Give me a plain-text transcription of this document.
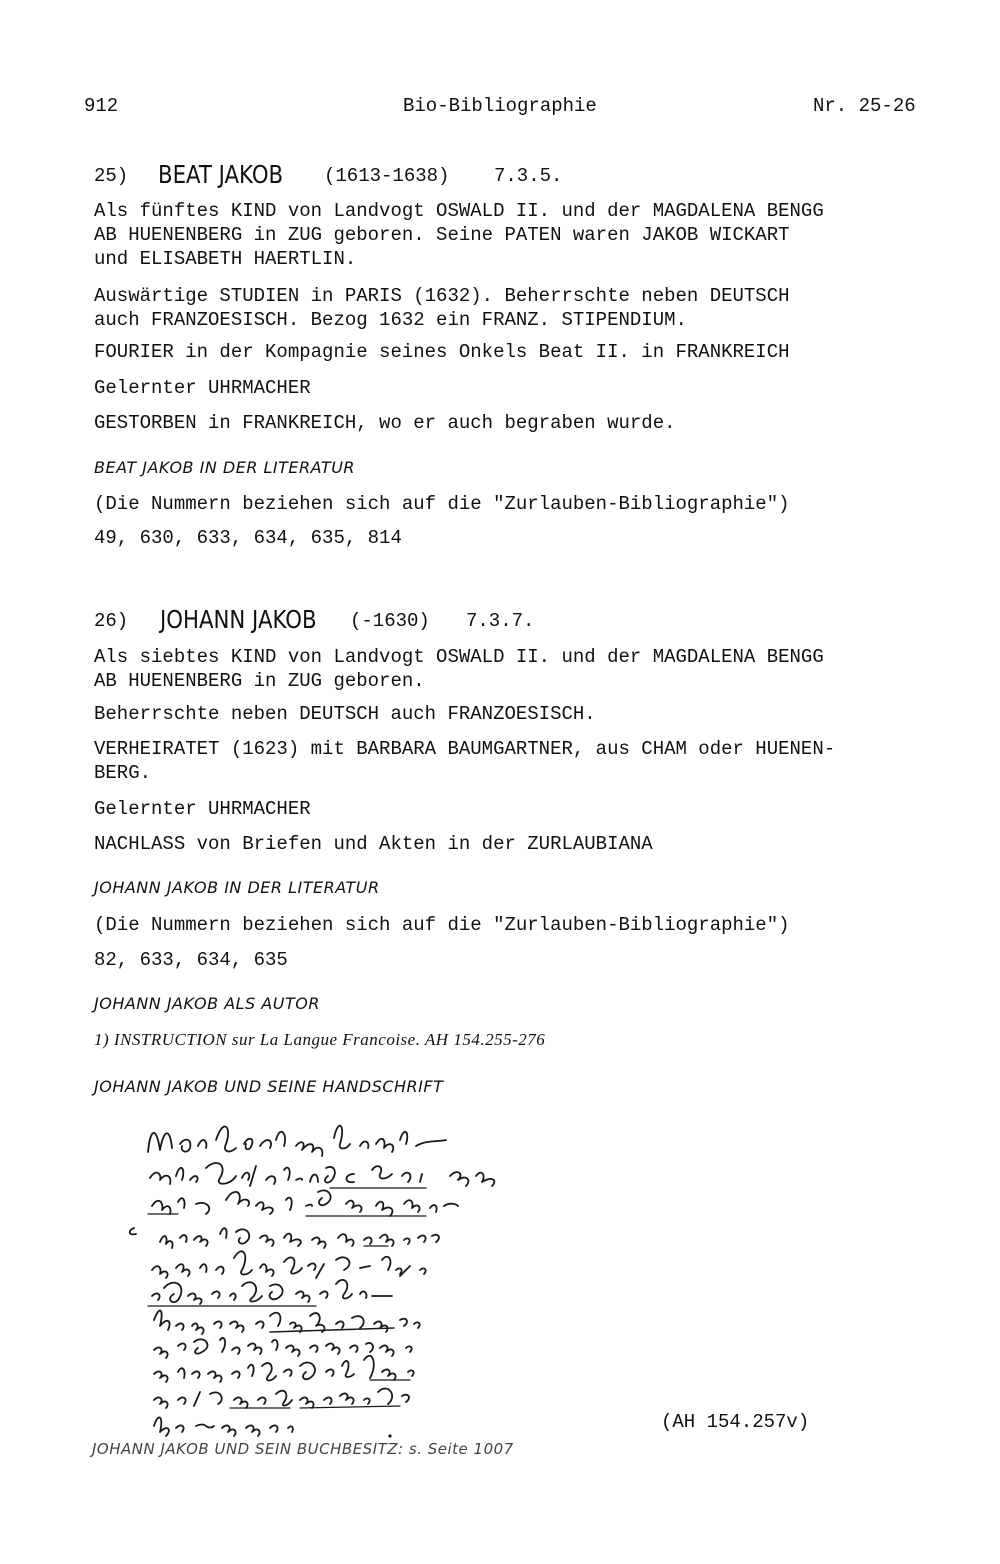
912	Bio-Bibliographie	Nr. 25-26

25)

BEAT JAKOB

(1613-1638)

7.3.5.

Als fünftes KIND von Landvogt OSWALD II. und der MAGDALENA BENGG
AB HUENENBERG in ZUG geboren. Seine PATEN waren JAKOB WICKART
und ELISABETH HAERTLIN.
Auswärtige STUDIEN in PARIS (1632). Beherrschte neben DEUTSCH
auch FRANZOESISCH. Bezog 1632 ein FRANZ. STIPENDIUM.
FOURIER in der Kompagnie seines Onkels Beat II. in FRANKREICH
Gelernter UHRMACHER
GESTORBEN in FRANKREICH, wo er auch begraben wurde.
BEAT JAKOB IN DER LITERATUR
(Die Nummern beziehen sich auf die "Zurlauben-Bibliographie")
49, 630, 633, 634, 635, 814

26)

JOHANN JAKOB

(-1630)

7.3.7.

Als siebtes KIND von Landvogt OSWALD II. und der MAGDALENA BENGG
AB HUENENBERG in ZUG geboren.
Beherrschte neben DEUTSCH auch FRANZOESISCH.
VERHEIRATET (1623) mit BARBARA BAUMGARTNER, aus CHAM oder HUENEN-
BERG.
Gelernter UHRMACHER
NACHLASS von Briefen und Akten in der ZURLAUBIANA
JOHANN JAKOB IN DER LITERATUR
(Die Nummern beziehen sich auf die "Zurlauben-Bibliographie")
82, 633, 634, 635
JOHANN JAKOB ALS AUTOR
1) INSTRUCTION sur La Langue Francoise. AH 154.255-276
JOHANN JAKOB UND SEINE HANDSCHRIFT
(AH 154.257v)
JOHANN JAKOB UND SEIN BUCHBESITZ: s. Seite 1007
